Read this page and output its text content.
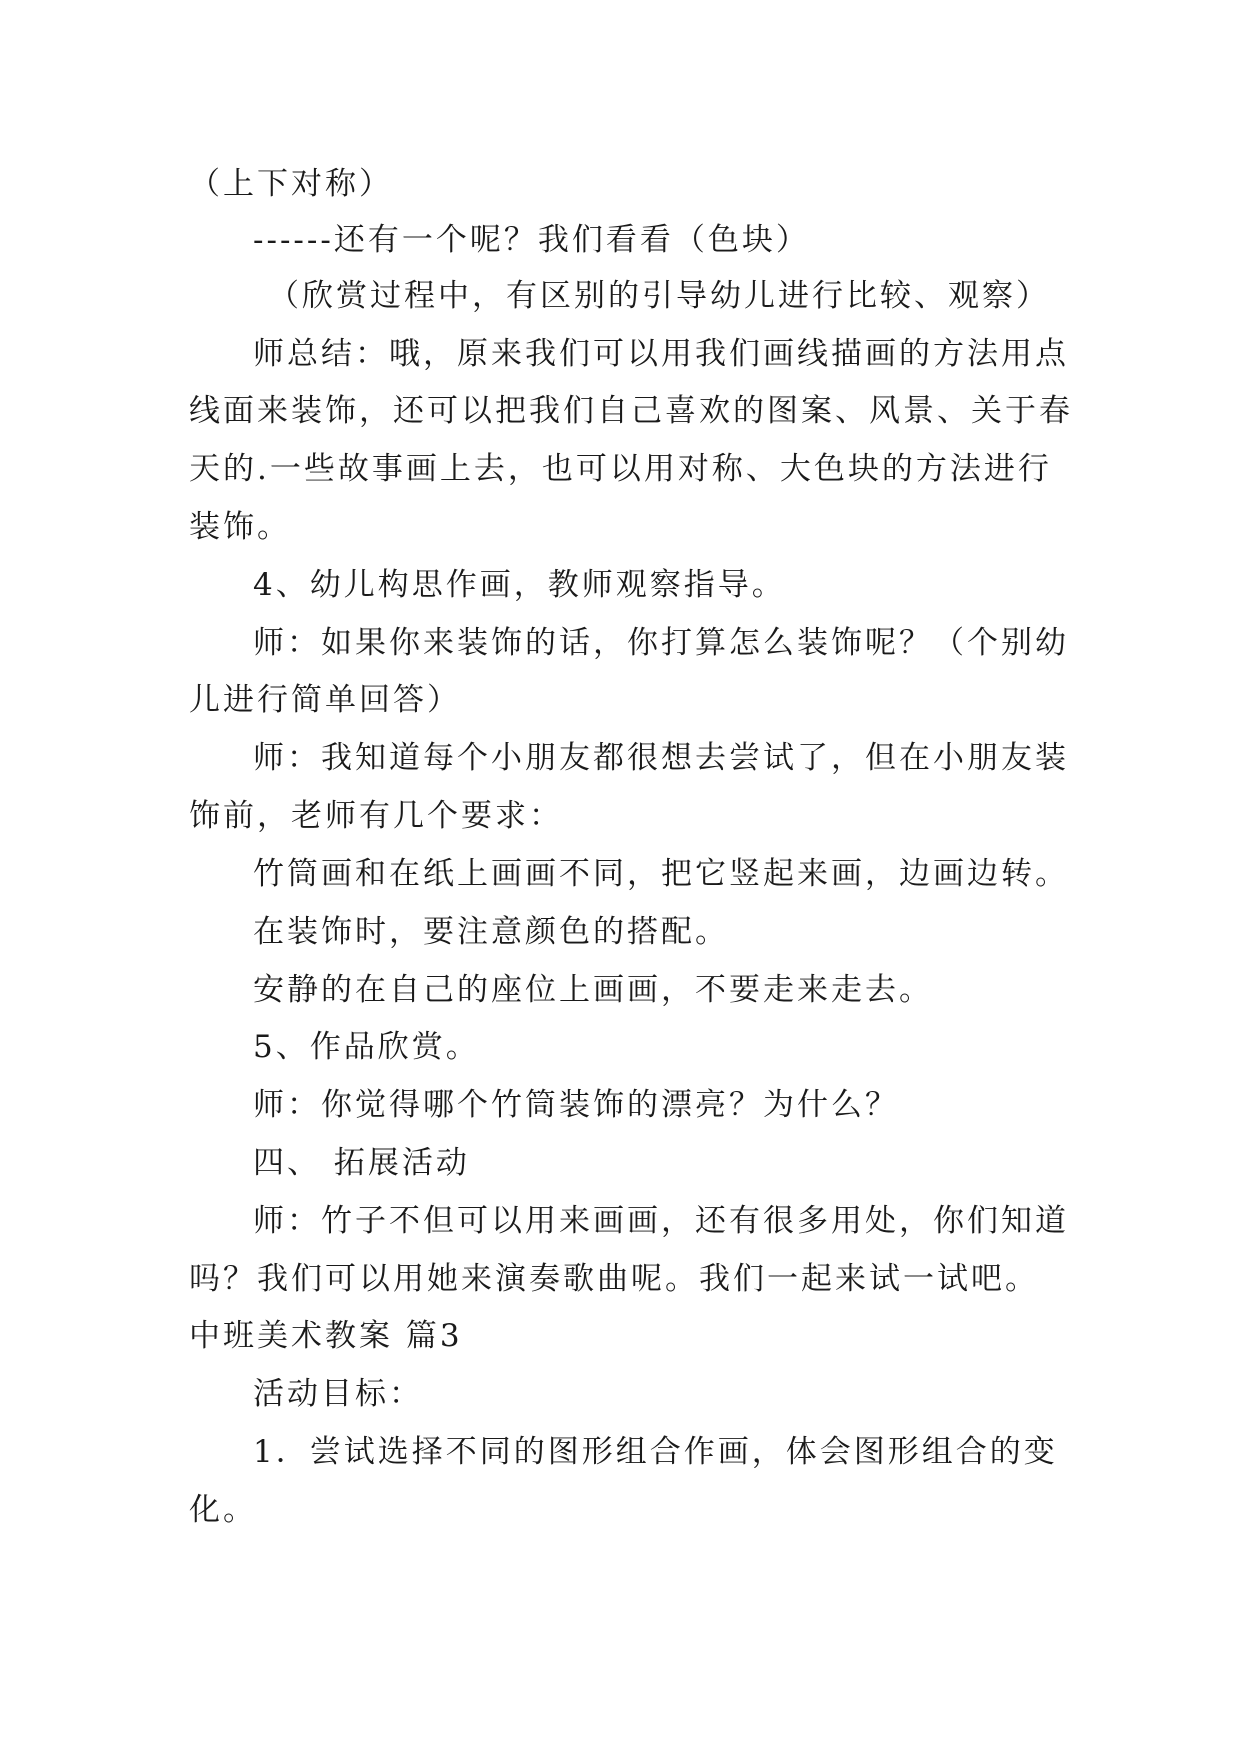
（上下对称）
------还有一个呢？我们看看（色块）
（欣赏过程中，有区别的引导幼儿进行比较、观察）
师总结：哦，原来我们可以用我们画线描画的方法用点
线面来装饰，还可以把我们自己喜欢的图案、风景、关于春
天的.一些故事画上去，也可以用对称、大色块的方法进行
装饰。
4、幼儿构思作画，教师观察指导。
师：如果你来装饰的话，你打算怎么装饰呢？（个别幼
儿进行简单回答）
师：我知道每个小朋友都很想去尝试了，但在小朋友装
饰前，老师有几个要求：
竹筒画和在纸上画画不同，把它竖起来画，边画边转。
在装饰时，要注意颜色的搭配。
安静的在自己的座位上画画，不要走来走去。
5、作品欣赏。
师：你觉得哪个竹筒装饰的漂亮？为什么？
四、 拓展活动
师：竹子不但可以用来画画，还有很多用处，你们知道
吗？我们可以用她来演奏歌曲呢。我们一起来试一试吧。
中班美术教案 篇3
活动目标：
1．尝试选择不同的图形组合作画，体会图形组合的变
化。
